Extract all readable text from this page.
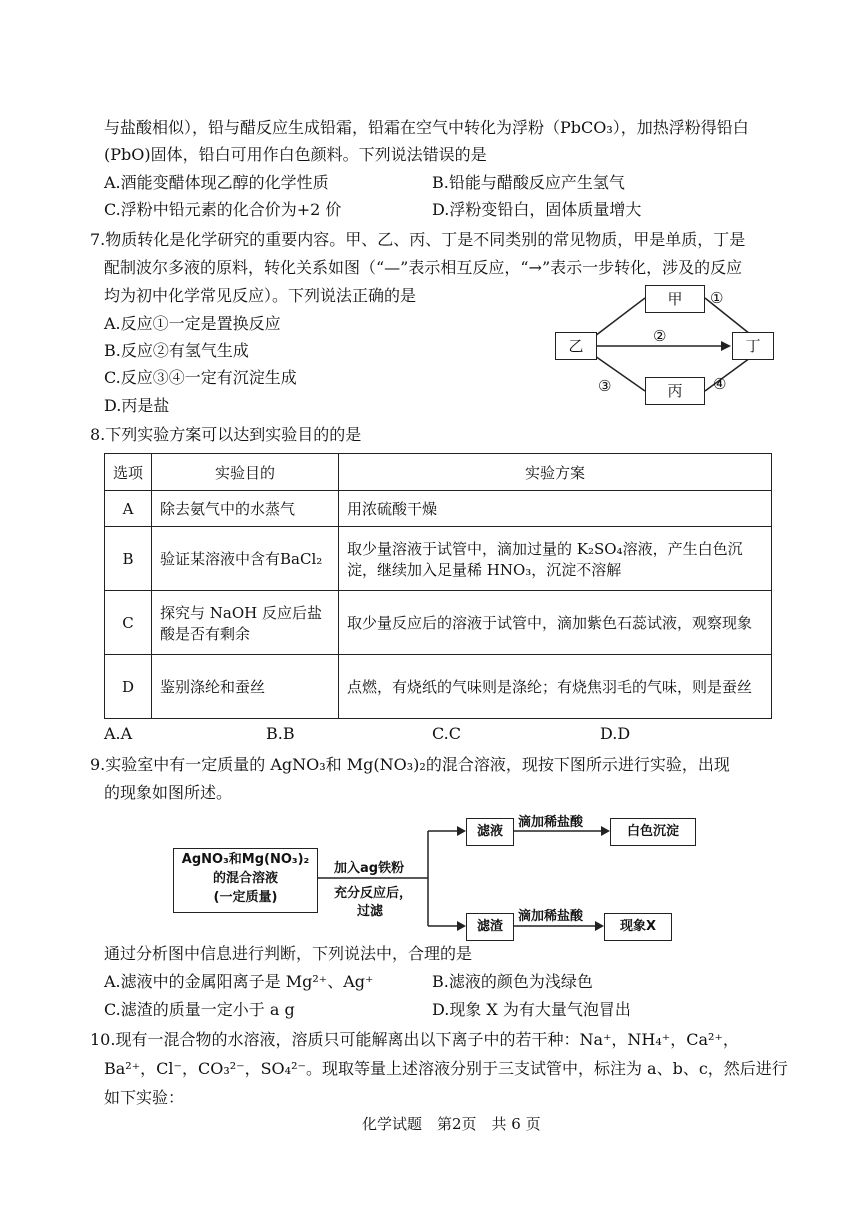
与盐酸相似），铅与醋反应生成铅霜，铅霜在空气中转化为浮粉（PbCO₃），加热浮粉得铅白
(PbO)固体，铅白可用作白色颜料。下列说法错误的是
A.酒能变醋体现乙醇的化学性质	B.铅能与醋酸反应产生氢气
C.浮粉中铅元素的化合价为+2 价	D.浮粉变铅白，固体质量增大
7.物质转化是化学研究的重要内容。甲、乙、丙、丁是不同类别的常见物质，甲是单质，丁是
配制波尔多液的原料，转化关系如图（“—”表示相互反应，“→”表示一步转化，涉及的反应
均为初中化学常见反应）。下列说法正确的是
A.反应①一定是置换反应
B.反应②有氢气生成
C.反应③④一定有沉淀生成
D.丙是盐
甲
乙
丙
丁
①
②
③	④
8.下列实验方案可以达到实验目的的是
选项	实验目的	实验方案
A	除去氨气中的水蒸气	用浓硫酸干燥
B	验证某溶液中含有BaCl₂	取少量溶液于试管中，滴加过量的 K₂SO₄溶液，产生白色沉淀，继续加入足量稀 HNO₃，沉淀不溶解
C	探究与 NaOH 反应后盐酸是否有剩余	取少量反应后的溶液于试管中，滴加紫色石蕊试液，观察现象
D	鉴别涤纶和蚕丝	点燃，有烧纸的气味则是涤纶；有烧焦羽毛的气味，则是蚕丝
A.A	B.B	C.C	D.D
9.实验室中有一定质量的 AgNO₃和 Mg(NO₃)₂的混合溶液，现按下图所示进行实验，出现
的现象如图所述。
AgNO₃和Mg(NO₃)₂
的混合溶液
(一定质量)
加入ag铁粉
充分反应后，
过滤
滤液
滤渣
滴加稀盐酸
滴加稀盐酸
白色沉淀
现象X
通过分析图中信息进行判断，下列说法中，合理的是
A.滤液中的金属阳离子是 Mg²⁺、Ag⁺	B.滤液的颜色为浅绿色
C.滤渣的质量一定小于 a g	D.现象 X 为有大量气泡冒出
10.现有一混合物的水溶液，溶质只可能解离出以下离子中的若干种：Na⁺，NH₄⁺，Ca²⁺，
Ba²⁺，Cl⁻，CO₃²⁻，SO₄²⁻。现取等量上述溶液分别于三支试管中，标注为 a、b、c，然后进行
如下实验：
化学试题　第2页　共 6 页
